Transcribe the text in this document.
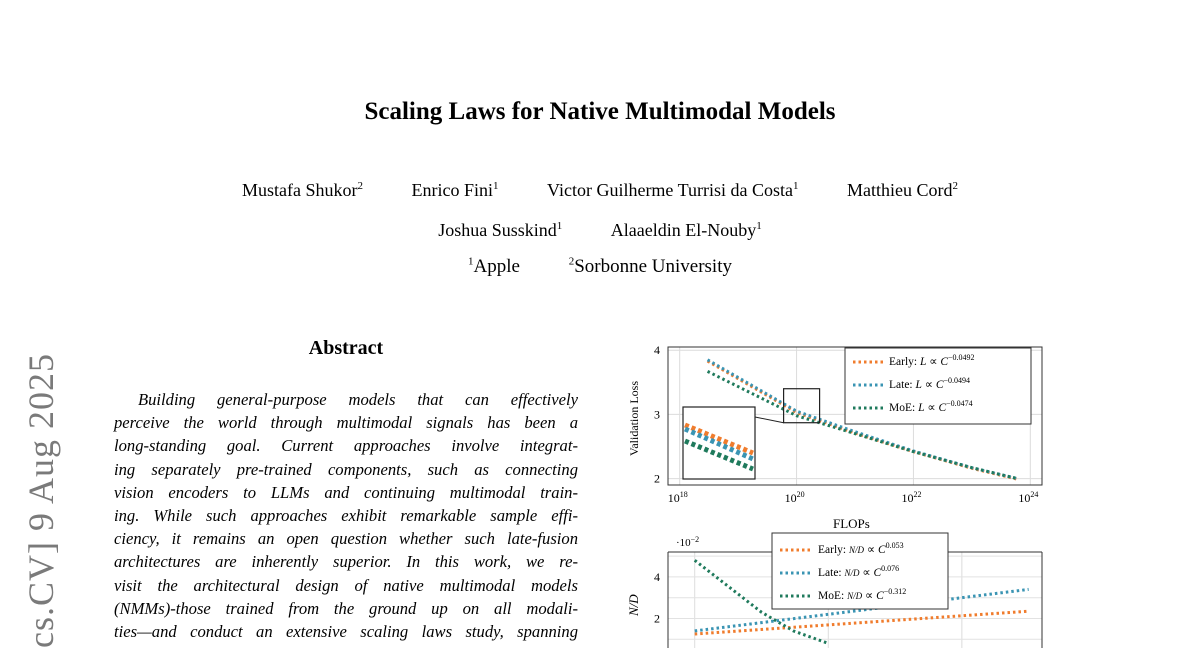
Scaling Laws for Native Multimodal Models
Mustafa Shukor$^2$	Enrico Fini$^1$	Victor Guilherme Turrisi da Costa$^1$	Matthieu Cord$^2$
Joshua Susskind$^1$	Alaaeldin El-Nouby$^1$
$^1$Apple	$^2$Sorbonne University
cs.CV] 9 Aug 2025
Abstract
Building general-purpose models that can effectively
perceive the world through multimodal signals has been a
long-standing goal. Current approaches involve integrat-
ing separately pre-trained components, such as connecting
vision encoders to LLMs and continuing multimodal train-
ing. While such approaches exhibit remarkable sample effi-
ciency, it remains an open question whether such late-fusion
architectures are inherently superior. In this work, we re-
visit the architectural design of native multimodal models
(NMMs)-those trained from the ground up on all modali-
ties—and conduct an extensive scaling laws study, spanning
$10^{18}$	$10^{20}$	$10^{22}$	$10^{24}$
2
3
4
FLOPs
Validation Loss
Early: $L \propto C^{-0.0492}$
Late: $L \propto C^{-0.0494}$
MoE: $L \propto C^{-0.0474}$
2
4
$\cdot 10^{-2}$
N/D
Early: $N/D \propto C^{0.053}$
Late: $N/D \propto C^{0.076}$
MoE: $N/D \propto C^{-0.312}$
